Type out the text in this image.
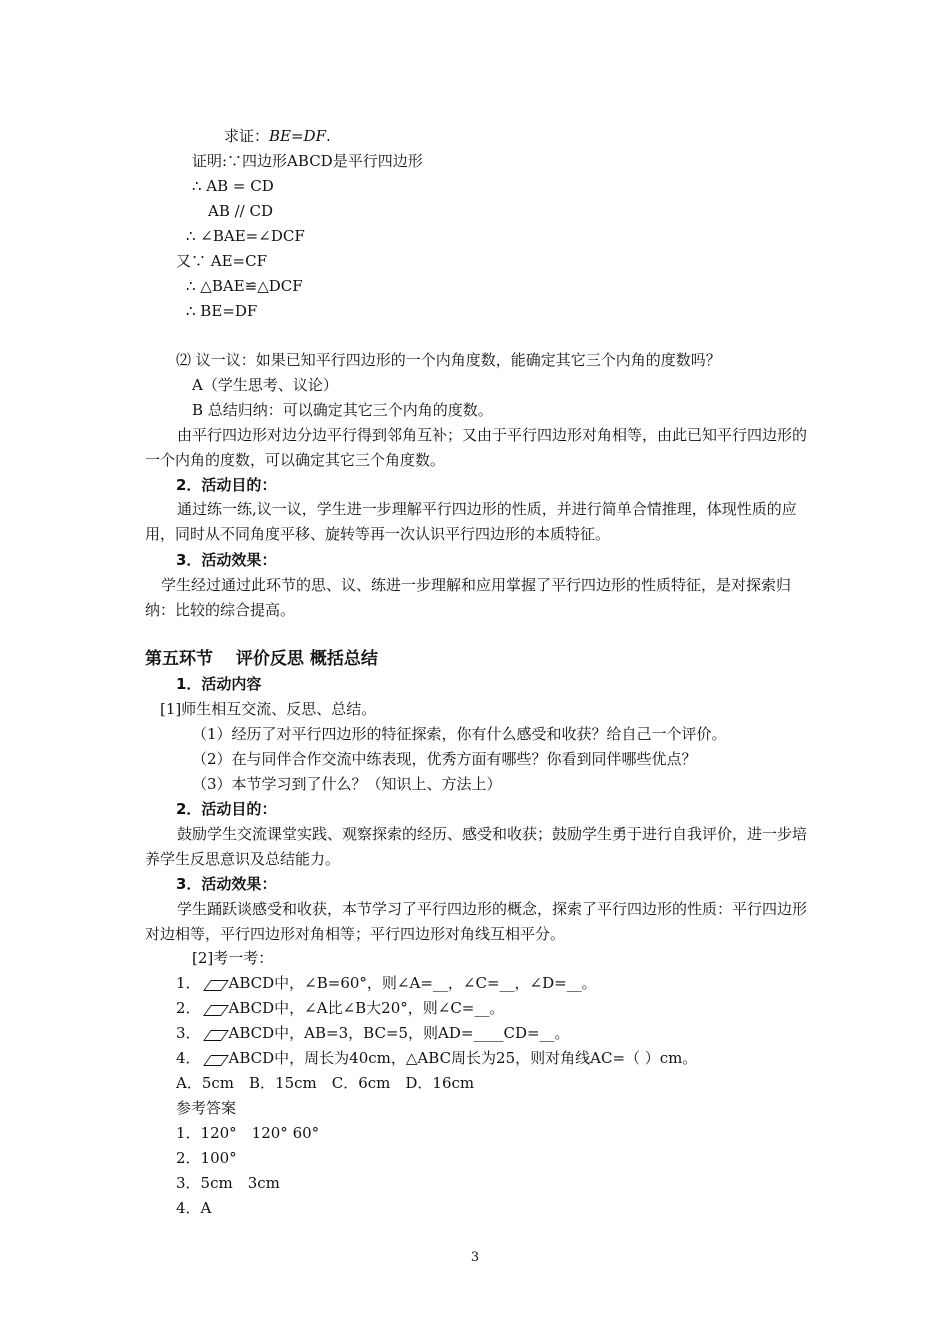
求证：BE=DF.
证明:∵四边形ABCD是平行四边形
∴ AB = CD
AB // CD
∴ ∠BAE=∠DCF
又∵ AE=CF
∴ △BAE≌△DCF
∴ BE=DF
⑵ 议一议：如果已知平行四边形的一个内角度数，能确定其它三个内角的度数吗？
A（学生思考、议论）
B 总结归纳：可以确定其它三个内角的度数。
由平行四边形对边分边平行得到邻角互补；又由于平行四边形对角相等，由此已知平行四边形的一个内角的度数，可以确定其它三个角度数。
2．活动目的：
通过练一练,议一议，学生进一步理解平行四边形的性质，并进行简单合情推理，体现性质的应用，同时从不同角度平移、旋转等再一次认识平行四边形的本质特征。
3．活动效果：
学生经过通过此环节的思、议、练进一步理解和应用掌握了平行四边形的性质特征，是对探索归纳：比较的综合提高。
第五环节　 评价反思 概括总结
1．活动内容
[1]师生相互交流、反思、总结。
（1）经历了对平行四边形的特征探索，你有什么感受和收获？给自己一个评价。
（2）在与同伴合作交流中练表现，优秀方面有哪些？你看到同伴哪些优点？
（3）本节学习到了什么？（知识上、方法上）
2．活动目的：
鼓励学生交流课堂实践、观察探索的经历、感受和收获；鼓励学生勇于进行自我评价，进一步培养学生反思意识及总结能力。
3．活动效果：
学生踊跃谈感受和收获，本节学习了平行四边形的概念，探索了平行四边形的性质：平行四边形对边相等，平行四边形对角相等；平行四边形对角线互相平分。
[2]考一考：
1． ABCD中，∠B=60°，则∠A=__，∠C=__，∠D=__。
2． ABCD中，∠A比∠B大20°，则∠C=__。
3． ABCD中，AB=3，BC=5，则AD=____CD=__。
4． ABCD中，周长为40cm，△ABC周长为25，则对角线AC=（ ）cm。
A．5cm　B．15cm　C．6cm　D．16cm
参考答案
1．120°　120° 60°
2．100°
3．5cm　3cm
4．A
3
